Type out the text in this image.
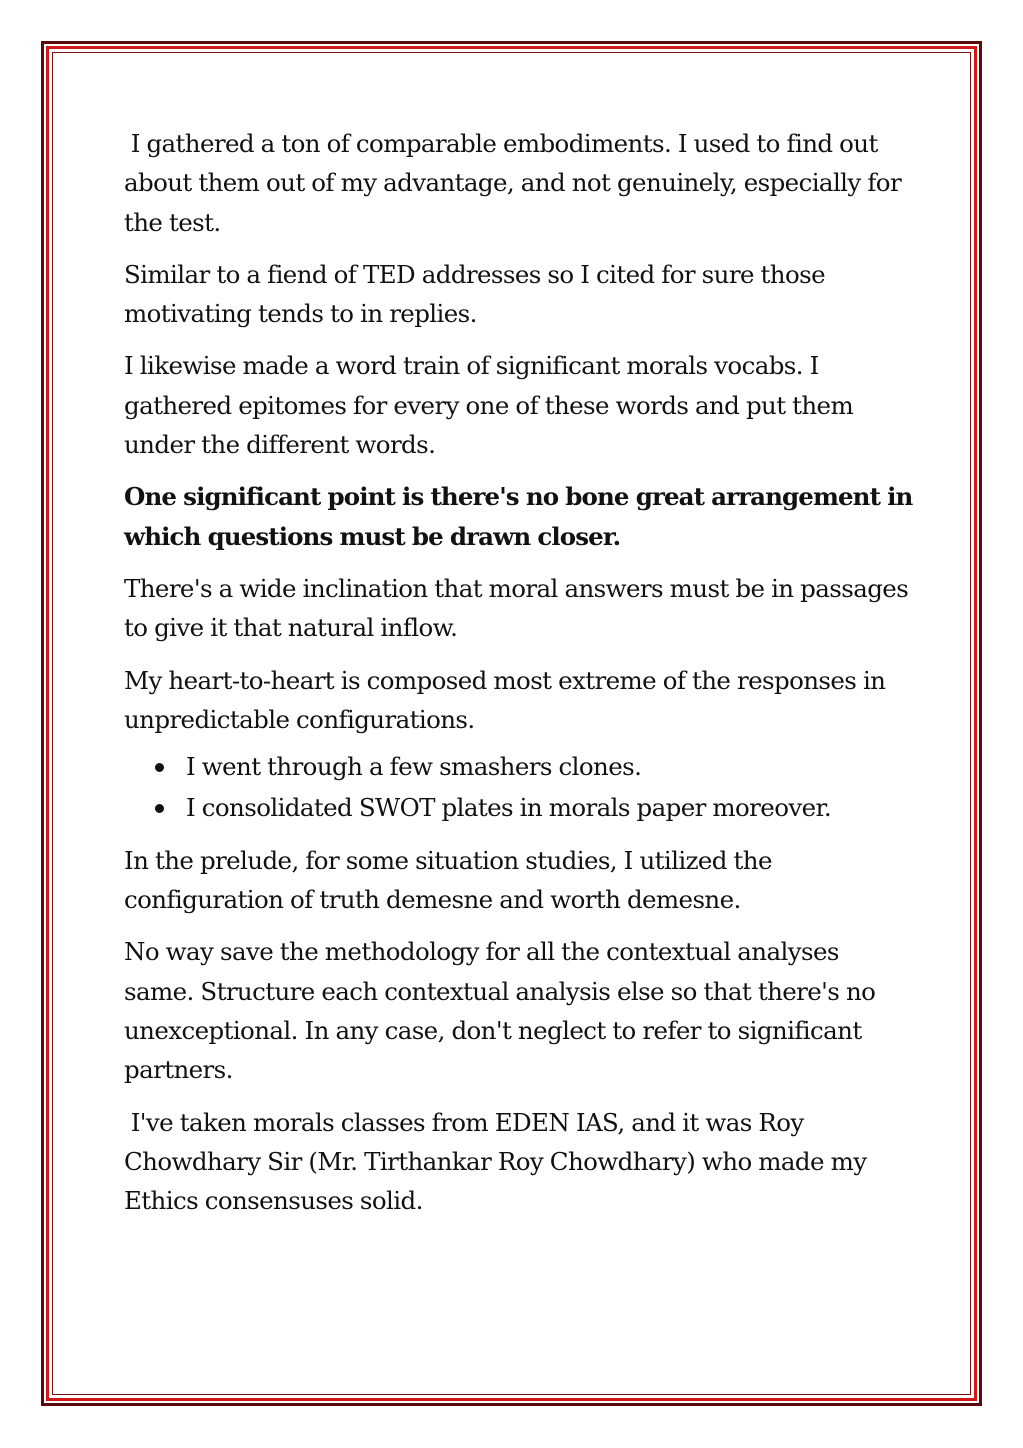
I gathered a ton of comparable embodiments. I used to find out about them out of my advantage, and not genuinely, especially for the test.

Similar to a fiend of TED addresses so I cited for sure those motivating tends to in replies.

I likewise made a word train of significant morals vocabs. I gathered epitomes for every one of these words and put them under the different words.

One significant point is there's no bone great arrangement in which questions must be drawn closer.

There's a wide inclination that moral answers must be in passages to give it that natural inflow.

My heart-to-heart is composed most extreme of the responses in unpredictable configurations.

I went through a few smashers clones.
I consolidated SWOT plates in morals paper moreover.

In the prelude, for some situation studies, I utilized the configuration of truth demesne and worth demesne.

No way save the methodology for all the contextual analyses same. Structure each contextual analysis else so that there's no unexceptional. In any case, don't neglect to refer to significant partners.

I've taken morals classes from EDEN IAS, and it was Roy Chowdhary Sir (Mr. Tirthankar Roy Chowdhary) who made my Ethics consensuses solid.
